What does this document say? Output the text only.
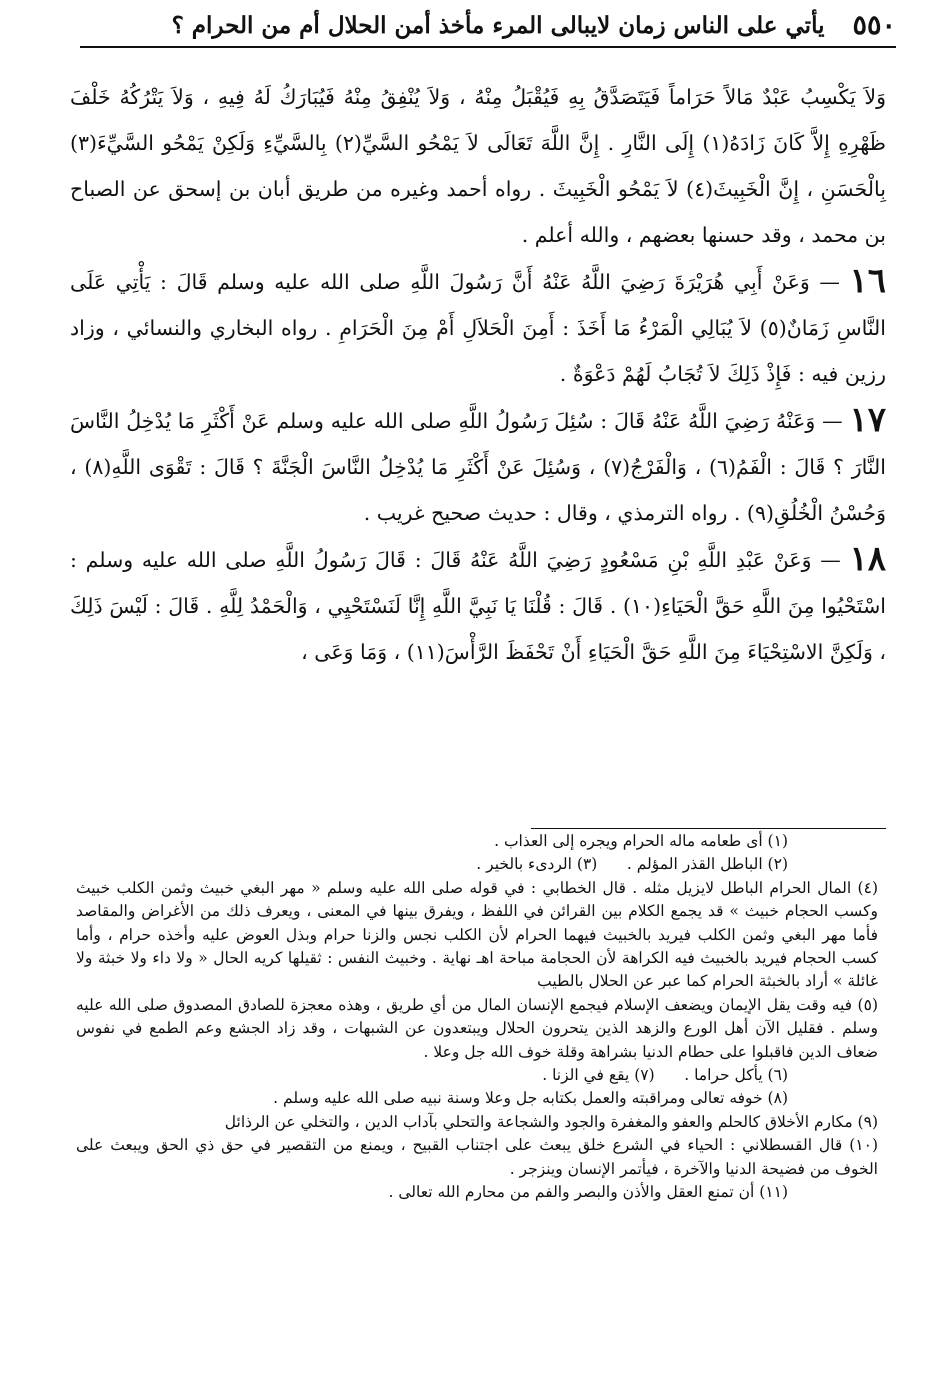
٥٥٠
يأتي على الناس زمان لايبالى المرء مأخذ أمن الحلال أم من الحرام ؟

وَلاَ يَكْسِبُ عَبْدٌ مَالاً حَرَاماً فَيَتَصَدَّقُ بِهِ فَيُقْبَلُ مِنْهُ ، وَلاَ يُنْفِقُ مِنْهُ فَيُبَارَكُ لَهُ فِيهِ ، وَلاَ يَتْرُكُهُ خَلْفَ ظَهْرِهِ إِلاَّ كَانَ زَادَهُ(١) إِلَى النَّارِ . إِنَّ اللَّهَ تَعَالَى لاَ يَمْحُو السَّيِّ(٢) بِالسَّيِّءِ وَلَكِنْ يَمْحُو السَّيِّءَ(٣) بِالْحَسَنِ ، إِنَّ الْخَبِيثَ(٤) لاَ يَمْحُو الْخَبِيثَ . رواه أحمد وغيره من طريق أبان بن إسحق عن الصباح بن محمد ، وقد حسنها بعضهم ، والله أعلم .

١٦ — وَعَنْ أَبِي هُرَيْرَةَ رَضِيَ اللَّهُ عَنْهُ أَنَّ رَسُولَ اللَّهِ صلى الله عليه وسلم قَالَ : يَأْتِي عَلَى النَّاسِ زَمَانٌ(٥) لاَ يُبَالِي الْمَرْءُ مَا أَخَذَ : أَمِنَ الْحَلاَلِ أَمْ مِنَ الْحَرَامِ . رواه البخاري والنسائي ، وزاد رزين فيه : فَإِذْ ذَلِكَ لاَ تُجَابُ لَهُمْ دَعْوَةٌ .

١٧ — وَعَنْهُ رَضِيَ اللَّهُ عَنْهُ قَالَ : سُئِلَ رَسُولُ اللَّهِ صلى الله عليه وسلم عَنْ أَكْثَرِ مَا يُدْخِلُ النَّاسَ النَّارَ ؟ قَالَ : الْفَمُ(٦) ، وَالْفَرْجُ(٧) ، وَسُئِلَ عَنْ أَكْثَرِ مَا يُدْخِلُ النَّاسَ الْجَنَّةَ ؟ قَالَ : تَقْوَى اللَّهِ(٨) ، وَحُسْنُ الْخُلُقِ(٩) . رواه الترمذي ، وقال : حديث صحيح غريب .

١٨ — وَعَنْ عَبْدِ اللَّهِ بْنِ مَسْعُودٍ رَضِيَ اللَّهُ عَنْهُ قَالَ : قَالَ رَسُولُ اللَّهِ صلى الله عليه وسلم : اسْتَحْيُوا مِنَ اللَّهِ حَقَّ الْحَيَاءِ(١٠) . قَالَ : قُلْنَا يَا نَبِيَّ اللَّهِ إِنَّا لَنَسْتَحْيِي ، وَالْحَمْدُ لِلَّهِ . قَالَ : لَيْسَ ذَلِكَ ، وَلَكِنَّ الاسْتِحْيَاءَ مِنَ اللَّهِ حَقَّ الْحَيَاءِ أَنْ تَحْفَظَ الرَّأْسَ(١١) ، وَمَا وَعَى ،

(١) أى طعامه ماله الحرام ويجره إلى العذاب .

(٢) الباطل القذر المؤلم .      (٣) الردىء بالخير .

(٤) المال الحرام الباطل لايزيل مثله . قال الخطابي : في قوله صلى الله عليه وسلم « مهر البغي خبيث وثمن الكلب خبيث وكسب الحجام خبيث » قد يجمع الكلام بين القرائن في اللفظ ، ويفرق بينها في المعنى ، ويعرف ذلك من الأغراض والمقاصد فأما مهر البغي وثمن الكلب فيريد بالخبيث فيهما الحرام لأن الكلب نجس والزنا حرام وبذل العوض عليه وأخذه حرام ، وأما كسب الحجام فيريد بالخبيث فيه الكراهة لأن الحجامة مباحة اهـ نهاية . وخبيث النفس : ثقيلها كريه الحال « ولا داء ولا خبثة ولا غائلة » أراد بالخبثة الحرام كما عبر عن الحلال بالطيب

(٥) فيه وقت يقل الإيمان ويضعف الإسلام فيجمع الإنسان المال من أي طريق ، وهذه معجزة للصادق المصدوق صلى الله عليه وسلم . فقليل الآن أهل الورع والزهد الذين يتحرون الحلال ويبتعدون عن الشبهات ، وقد زاد الجشع وعم الطمع في نفوس ضعاف الدين فاقبلوا على حطام الدنيا بشراهة وقلة خوف الله جل وعلا .

(٦) يأكل حراما .      (٧) يقع في الزنا .

(٨) خوفه تعالى ومراقبته والعمل بكتابه جل وعلا وسنة نبيه صلى الله عليه وسلم .

(٩) مكارم الأخلاق كالحلم والعفو والمغفرة والجود والشجاعة والتحلي بآداب الدين ، والتخلي عن الرذائل

(١٠) قال القسطلاني : الحياء في الشرع خلق يبعث على اجتناب القبيح ، ويمنع من التقصير في حق ذي الحق ويبعث على الخوف من فضيحة الدنيا والآخرة ، فيأتمر الإنسان وينزجر .

(١١) أن تمنع العقل والأذن والبصر والفم من محارم الله تعالى .
